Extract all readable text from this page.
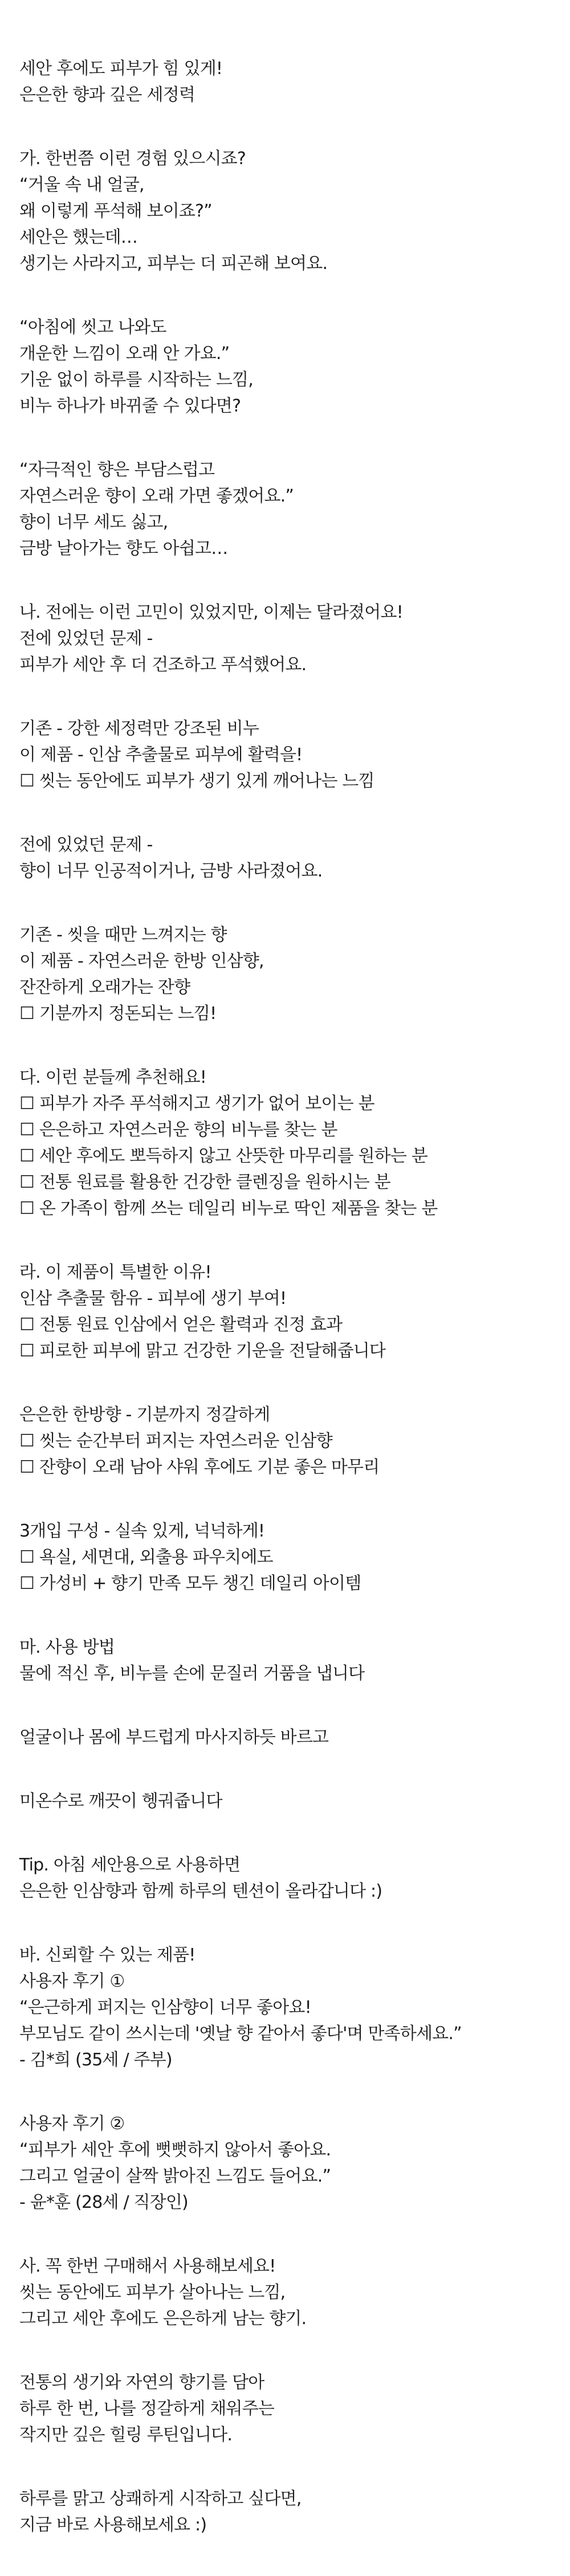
세안 후에도 피부가 힘 있게!
은은한 향과 깊은 세정력
가. 한번쯤 이런 경험 있으시죠?
“거울 속 내 얼굴,
왜 이렇게 푸석해 보이죠?”
세안은 했는데…
생기는 사라지고, 피부는 더 피곤해 보여요.
“아침에 씻고 나와도
개운한 느낌이 오래 안 가요.”
기운 없이 하루를 시작하는 느낌,
비누 하나가 바뀌줄 수 있다면?
“자극적인 향은 부담스럽고
자연스러운 향이 오래 가면 좋겠어요.”
향이 너무 세도 싫고,
금방 날아가는 향도 아쉽고…
나. 전에는 이런 고민이 있었지만, 이제는 달라졌어요!
전에 있었던 문제 -
피부가 세안 후 더 건조하고 푸석했어요.
기존 - 강한 세정력만 강조된 비누
이 제품 - 인삼 추출물로 피부에 활력을!
☐ 씻는 동안에도 피부가 생기 있게 깨어나는 느낌
전에 있었던 문제 -
향이 너무 인공적이거나, 금방 사라졌어요.
기존 - 씻을 때만 느껴지는 향
이 제품 - 자연스러운 한방 인삼향,
잔잔하게 오래가는 잔향
☐ 기분까지 정돈되는 느낌!
다. 이런 분들께 추천해요!
☐ 피부가 자주 푸석해지고 생기가 없어 보이는 분
☐ 은은하고 자연스러운 향의 비누를 찾는 분
☐ 세안 후에도 뽀득하지 않고 산뜻한 마무리를 원하는 분
☐ 전통 원료를 활용한 건강한 클렌징을 원하시는 분
☐ 온 가족이 함께 쓰는 데일리 비누로 딱인 제품을 찾는 분
라. 이 제품이 특별한 이유!
인삼 추출물 함유 - 피부에 생기 부여!
☐ 전통 원료 인삼에서 얻은 활력과 진정 효과
☐ 피로한 피부에 맑고 건강한 기운을 전달해줍니다
은은한 한방향 - 기분까지 정갈하게
☐ 씻는 순간부터 퍼지는 자연스러운 인삼향
☐ 잔향이 오래 남아 샤워 후에도 기분 좋은 마무리
3개입 구성 - 실속 있게, 넉넉하게!
☐ 욕실, 세면대, 외출용 파우치에도
☐ 가성비 + 향기 만족 모두 챙긴 데일리 아이템
마. 사용 방법
물에 적신 후, 비누를 손에 문질러 거품을 냅니다
얼굴이나 몸에 부드럽게 마사지하듯 바르고
미온수로 깨끗이 헹궈줍니다
Tip. 아침 세안용으로 사용하면
은은한 인삼향과 함께 하루의 텐션이 올라갑니다 :)
바. 신뢰할 수 있는 제품!
사용자 후기 ①
“은근하게 퍼지는 인삼향이 너무 좋아요!
부모님도 같이 쓰시는데 '옛날 향 같아서 좋다'며 만족하세요.”
- 김*희 (35세 / 주부)
사용자 후기 ②
“피부가 세안 후에 뻣뻣하지 않아서 좋아요.
그리고 얼굴이 살짝 밝아진 느낌도 들어요.”
- 윤*훈 (28세 / 직장인)
사. 꼭 한번 구매해서 사용해보세요!
씻는 동안에도 피부가 살아나는 느낌,
그리고 세안 후에도 은은하게 남는 향기.
전통의 생기와 자연의 향기를 담아
하루 한 번, 나를 정갈하게 채워주는
작지만 깊은 힐링 루틴입니다.
하루를 맑고 상쾌하게 시작하고 싶다면,
지금 바로 사용해보세요 :)
